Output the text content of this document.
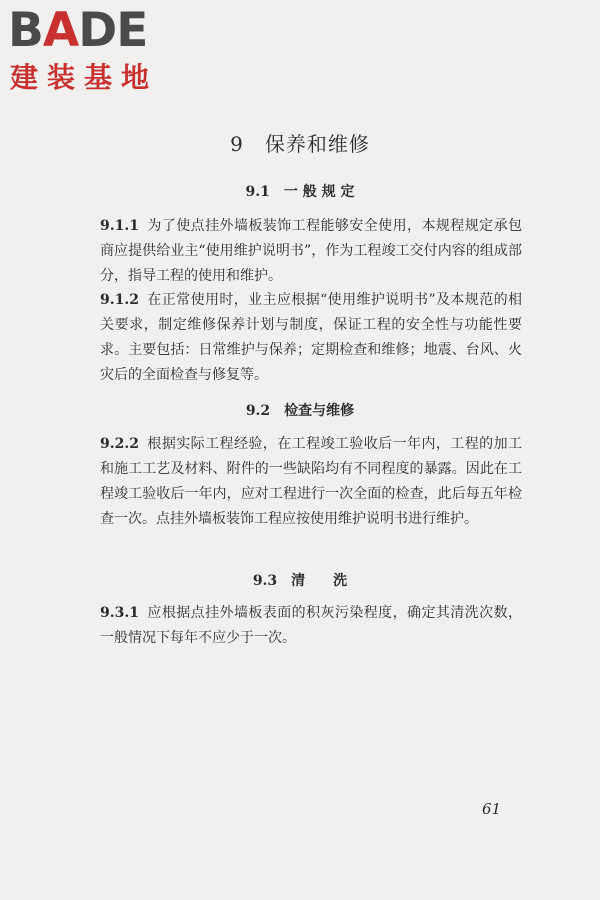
BADE
建装基地
9　保养和维修
9.1　一 般 规 定
9.1.1 为了使点挂外墙板装饰工程能够安全使用，本规程规定承包商应提供给业主“使用维护说明书”，作为工程竣工交付内容的组成部分，指导工程的使用和维护。
9.1.2 在正常使用时，业主应根据“使用维护说明书”及本规范的相关要求，制定维修保养计划与制度，保证工程的安全性与功能性要求。主要包括：日常维护与保养；定期检查和维修；地震、台风、火灾后的全面检查与修复等。
9.2　检查与维修
9.2.2 根据实际工程经验，在工程竣工验收后一年内，工程的加工和施工工艺及材料、附件的一些缺陷均有不同程度的暴露。因此在工程竣工验收后一年内，应对工程进行一次全面的检查，此后每五年检查一次。点挂外墙板装饰工程应按使用维护说明书进行维护。
9.3　清　　洗
9.3.1 应根据点挂外墙板表面的积灰污染程度，确定其清洗次数，一般情况下每年不应少于一次。
61
